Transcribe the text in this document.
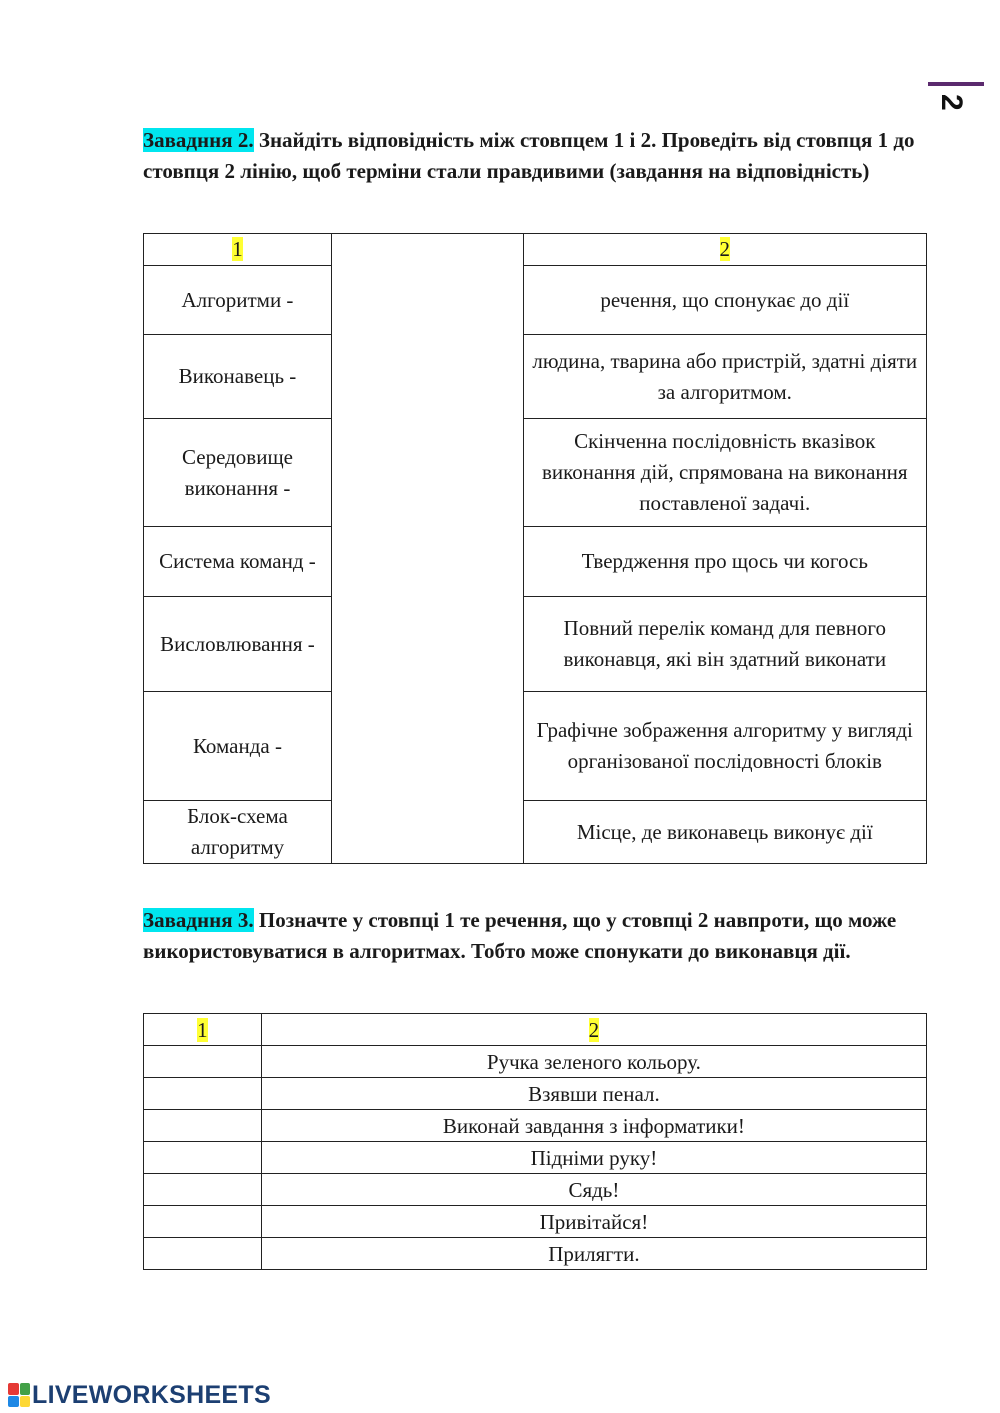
2
Завадння 2. Знайдіть відповідність між стовпцем 1 і 2. Проведіть від стовпця 1 до стовпця 2 лінію, щоб терміни стали правдивими (завдання на відповідність)
1		2
Алгоритми -		речення, що спонукає до дії
Виконавець -		людина, тварина або пристрій, здатні діяти за алгоритмом.
Середовище виконання -		Скінченна послідовність вказівок виконання дій, спрямована на виконання поставленої задачі.
Система команд -		Твердження про щось чи когось
Висловлювання -		Повний перелік команд для певного виконавця, які він здатний виконати
Команда -		Графічне зображення алгоритму у вигляді організованої послідовності блоків
Блок-схема алгоритму		Місце, де виконавець виконує дії
Завадння 3. Позначте у стовпці 1 те речення, що у стовпці 2 навпроти, що може використовуватися в алгоритмах. Тобто може спонукати до виконавця дії.
1	2
	Ручка зеленого кольору.
	Взявши пенал.
	Виконай завдання з інформатики!
	Підніми руку!
	Сядь!
	Привітайся!
	Прилягти.
LIVEWORKSHEETS
